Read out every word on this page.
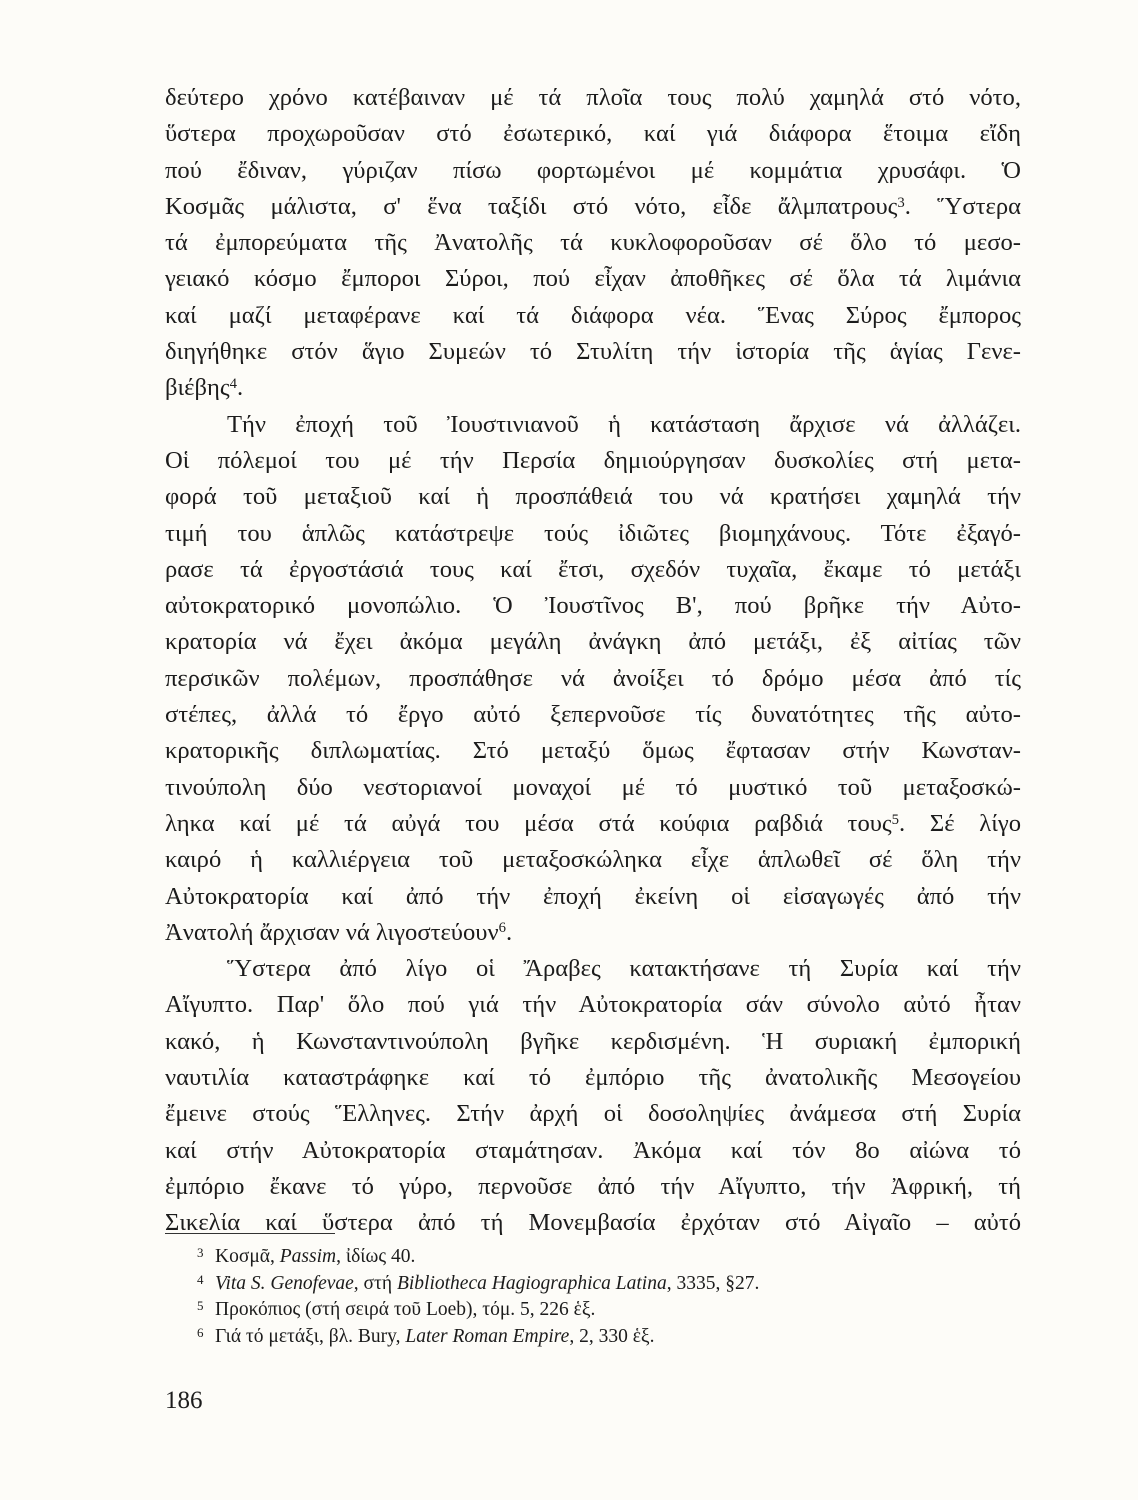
δεύτερο χρόνο κατέβαιναν μέ τά πλοῖα τους πολύ χαμηλά στό νότο,
ὕστερα προχωροῦσαν στό ἐσωτερικό, καί γιά διάφορα ἕτοιμα εἴδη
πού ἔδιναν, γύριζαν πίσω φορτωμένοι μέ κομμάτια χρυσάφι. Ὁ
Κοσμᾶς μάλιστα, σ' ἕνα ταξίδι στό νότο, εἶδε ἄλμπατρους$^3$. Ὕστερα
τά ἐμπορεύματα τῆς Ἀνατολῆς τά κυκλοφοροῦσαν σέ ὅλο τό μεσο-
γειακό κόσμο ἔμποροι Σύροι, πού εἶχαν ἀποθῆκες σέ ὅλα τά λιμάνια
καί μαζί μεταφέρανε καί τά διάφορα νέα. Ἕνας Σύρος ἔμπορος
διηγήθηκε στόν ἅγιο Συμεών τό Στυλίτη τήν ἱστορία τῆς ἁγίας Γενε-
βιέβης$^4$.
Τήν ἐποχή τοῦ Ἰουστινιανοῦ ἡ κατάσταση ἄρχισε νά ἀλλάζει.
Οἱ πόλεμοί του μέ τήν Περσία δημιούργησαν δυσκολίες στή μετα-
φορά τοῦ μεταξιοῦ καί ἡ προσπάθειά του νά κρατήσει χαμηλά τήν
τιμή του ἁπλῶς κατάστρεψε τούς ἰδιῶτες βιομηχάνους. Τότε ἐξαγό-
ρασε τά ἐργοστάσιά τους καί ἔτσι, σχεδόν τυχαῖα, ἔκαμε τό μετάξι
αὐτοκρατορικό μονοπώλιο. Ὁ Ἰουστῖνος Β', πού βρῆκε τήν Αὐτο-
κρατορία νά ἔχει ἀκόμα μεγάλη ἀνάγκη ἀπό μετάξι, ἐξ αἰτίας τῶν
περσικῶν πολέμων, προσπάθησε νά ἀνοίξει τό δρόμο μέσα ἀπό τίς
στέπες, ἀλλά τό ἔργο αὐτό ξεπερνοῦσε τίς δυνατότητες τῆς αὐτο-
κρατορικῆς διπλωματίας. Στό μεταξύ ὅμως ἔφτασαν στήν Κωνσταν-
τινούπολη δύο νεστοριανοί μοναχοί μέ τό μυστικό τοῦ μεταξοσκώ-
ληκα καί μέ τά αὐγά του μέσα στά κούφια ραβδιά τους$^5$. Σέ λίγο
καιρό ἡ καλλιέργεια τοῦ μεταξοσκώληκα εἶχε ἁπλωθεῖ σέ ὅλη τήν
Αὐτοκρατορία καί ἀπό τήν ἐποχή ἐκείνη οἱ εἰσαγωγές ἀπό τήν
Ἀνατολή ἄρχισαν νά λιγοστεύουν$^6$.
Ὕστερα ἀπό λίγο οἱ Ἄραβες κατακτήσανε τή Συρία καί τήν
Αἴγυπτο. Παρ' ὅλο πού γιά τήν Αὐτοκρατορία σάν σύνολο αὐτό ἦταν
κακό, ἡ Κωνσταντινούπολη βγῆκε κερδισμένη. Ἡ συριακή ἐμπορική
ναυτιλία καταστράφηκε καί τό ἐμπόριο τῆς ἀνατολικῆς Μεσογείου
ἔμεινε στούς Ἕλληνες. Στήν ἀρχή οἱ δοσοληψίες ἀνάμεσα στή Συρία
καί στήν Αὐτοκρατορία σταμάτησαν. Ἀκόμα καί τόν 8ο αἰώνα τό
ἐμπόριο ἔκανε τό γύρο, περνοῦσε ἀπό τήν Αἴγυπτο, τήν Ἀφρική, τή
Σικελία καί ὕστερα ἀπό τή Μονεμβασία ἐρχόταν στό Αἰγαῖο – αὐτό
3 Κοσμᾶ, Passim, ἰδίως 40.
4 Vita S. Genofevae, στή Bibliotheca Hagiographica Latina, 3335, §27.
5 Προκόπιος (στή σειρά τοῦ Loeb), τόμ. 5, 226 ἑξ.
6 Γιά τό μετάξι, βλ. Bury, Later Roman Empire, 2, 330 ἑξ.
186
